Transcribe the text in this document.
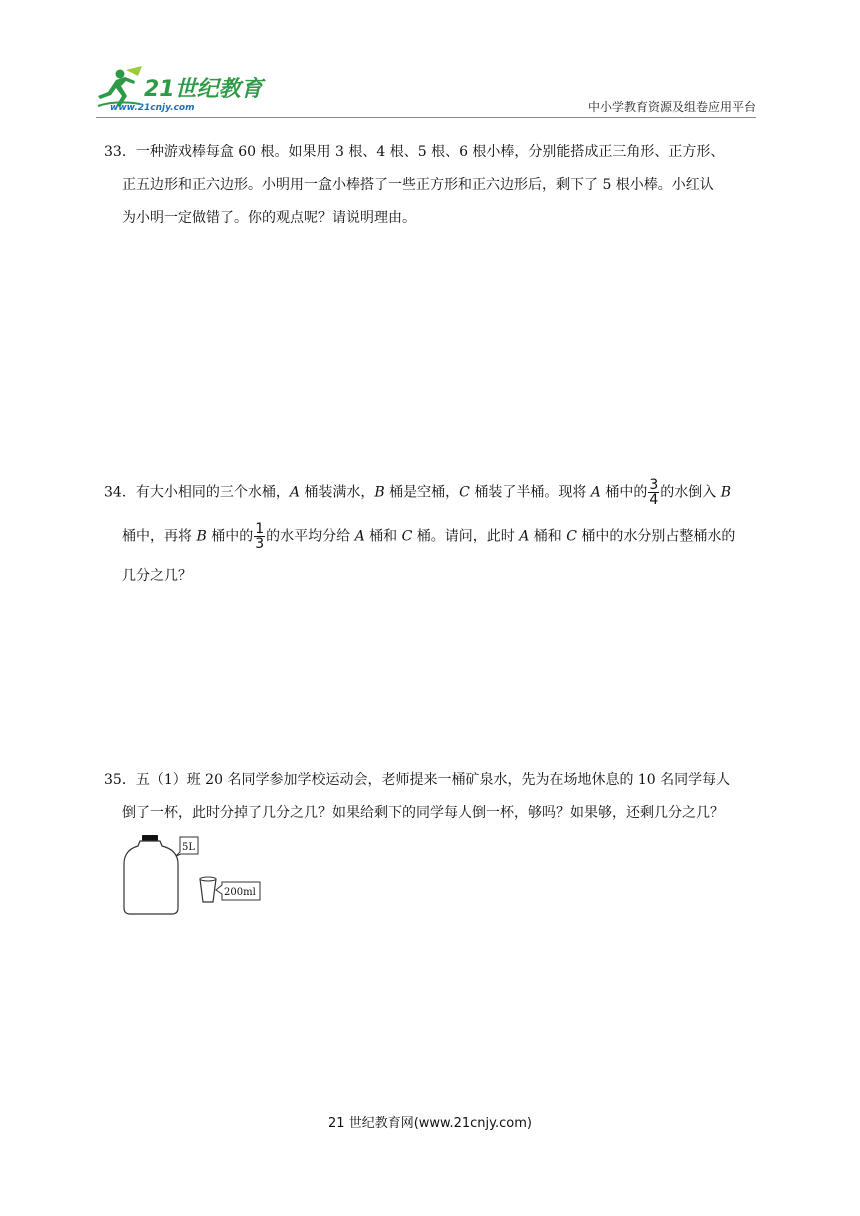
21世纪教育
www.21cnjy.com	中小学教育资源及组卷应用平台
33．一种游戏棒每盒 60 根。如果用 3 根、4 根、5 根、6 根小棒，分别能搭成正三角形、正方形、
正五边形和正六边形。小明用一盒小棒搭了一些正方形和正六边形后，剩下了 5 根小棒。小红认
为小明一定做错了。你的观点呢？请说明理由。
34．有大小相同的三个水桶，A 桶装满水，B 桶是空桶，C 桶装了半桶。现将 A 桶中的 $\frac{3}{4}$ 的水倒入 B
桶中，再将 B 桶中的 $\frac{1}{3}$ 的水平均分给 A 桶和 C 桶。请问，此时 A 桶和 C 桶中的水分别占整桶水的
几分之几？
35．五（1）班 20 名同学参加学校运动会，老师提来一桶矿泉水，先为在场地休息的 10 名同学每人
倒了一杯，此时分掉了几分之几？如果给剩下的同学每人倒一杯，够吗？如果够，还剩几分之几？
5L
200ml
21 世纪教育网(www.21cnjy.com)
